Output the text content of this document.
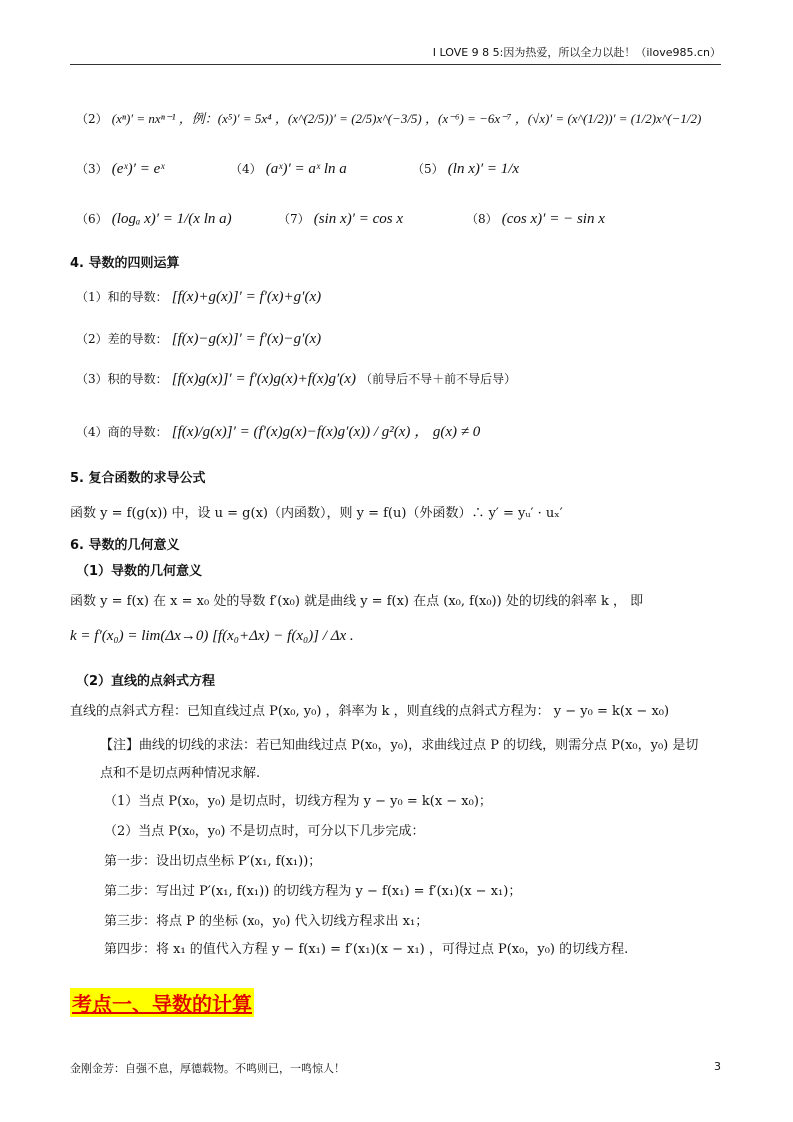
I LOVE 9 8 5:因为热爱，所以全力以赴！（ilove985.cn）
（2） (xⁿ)′ = nxⁿ⁻¹ ，例：(x⁵)′ = 5x⁴ ，(x^(2/5))′ = (2/5)x^(−3/5) ，(x⁻⁶) = −6x⁻⁷ ，(√x)′ = (x^(1/2))′ = (1/2)x^(−1/2)
（3） (eˣ)′ = eˣ	（4） (aˣ)′ = aˣ ln a	（5） (ln x)′ = 1/x
（6） (logₐ x)′ = 1/(x ln a)	（7） (sin x)′ = cos x	（8） (cos x)′ = − sin x
4. 导数的四则运算
（1）和的导数： [f(x)+g(x)]′ = f′(x)+g′(x)
（2）差的导数： [f(x)−g(x)]′ = f′(x)−g′(x)
（3）积的导数： [f(x)g(x)]′ = f′(x)g(x)+f(x)g′(x) （前导后不导＋前不导后导）
（4）商的导数： [f(x)/g(x)]′ = (f′(x)g(x)−f(x)g′(x)) / g²(x) ， g(x) ≠ 0
5. 复合函数的求导公式
函数 y = f(g(x)) 中，设 u = g(x)（内函数），则 y = f(u)（外函数）∴ y′ = yᵤ′ · uₓ′
6. 导数的几何意义
（1）导数的几何意义
函数 y = f(x) 在 x = x₀ 处的导数 f′(x₀) 就是曲线 y = f(x) 在点 (x₀, f(x₀)) 处的切线的斜率 k ， 即
k = f′(x₀) = lim(Δx→0) [f(x₀+Δx) − f(x₀)] / Δx .
（2）直线的点斜式方程
直线的点斜式方程：已知直线过点 P(x₀, y₀) ，斜率为 k ，则直线的点斜式方程为： y − y₀ = k(x − x₀)
【注】曲线的切线的求法：若已知曲线过点 P(x₀，y₀)，求曲线过点 P 的切线，则需分点 P(x₀，y₀) 是切
点和不是切点两种情况求解.
（1）当点 P(x₀，y₀) 是切点时，切线方程为 y − y₀ = k(x − x₀)；
（2）当点 P(x₀，y₀) 不是切点时，可分以下几步完成：
第一步：设出切点坐标 P′(x₁, f(x₁))；
第二步：写出过 P′(x₁, f(x₁)) 的切线方程为 y − f(x₁) = f′(x₁)(x − x₁)；
第三步：将点 P 的坐标 (x₀，y₀) 代入切线方程求出 x₁；
第四步：将 x₁ 的值代入方程 y − f(x₁) = f′(x₁)(x − x₁) ，可得过点 P(x₀，y₀) 的切线方程.
考点一、导数的计算
金刚金芳：自强不息，厚德载物。不鸣则已，一鸣惊人！	3
